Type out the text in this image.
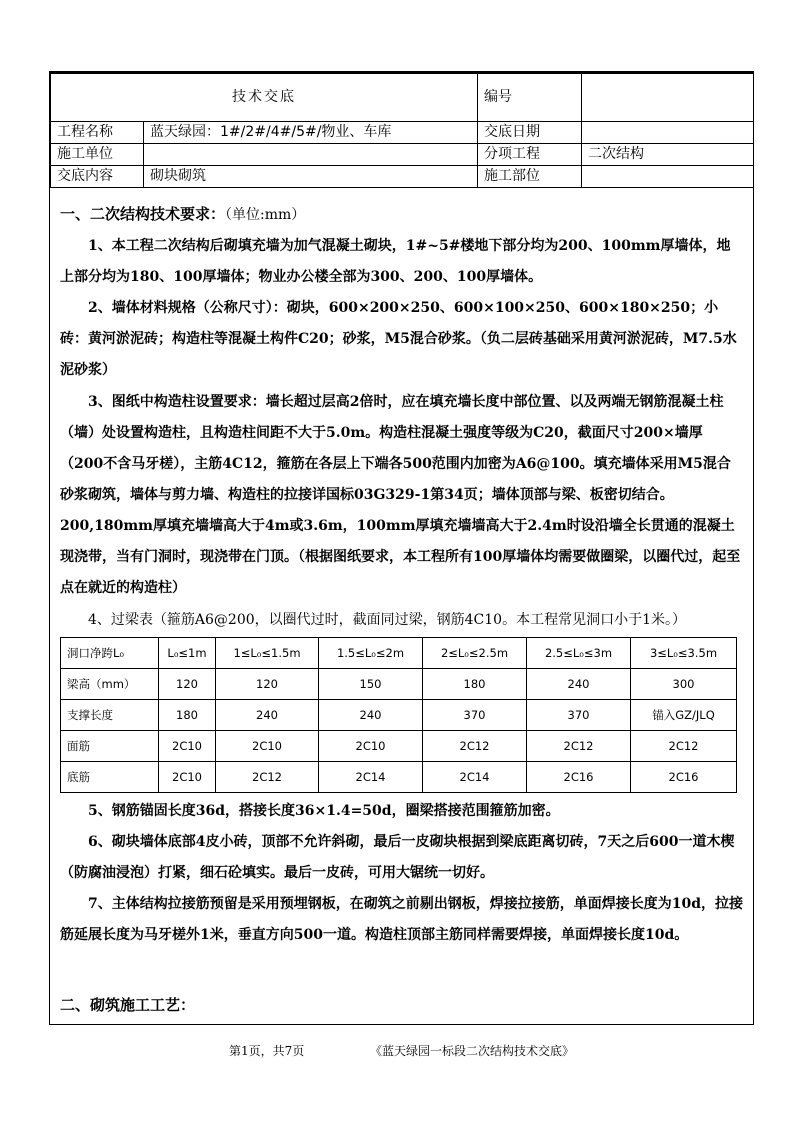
技术交底		编号	
工程名称	蓝天绿园：1#/2#/4#/5#/物业、车库	交底日期	
施工单位		分项工程	二次结构
交底内容	砌块砌筑	施工部位	
一、二次结构技术要求：（单位:mm）
1、本工程二次结构后砌填充墙为加气混凝土砌块，1#~5#楼地下部分均为200、100mm厚墙体，地上部分均为180、100厚墙体；物业办公楼全部为300、200、100厚墙体。
2、墙体材料规格（公称尺寸）：砌块，600×200×250、600×100×250、600×180×250；小砖：黄河淤泥砖；构造柱等混凝土构件C20；砂浆，M5混合砂浆。（负二层砖基础采用黄河淤泥砖，M7.5水泥砂浆）
3、图纸中构造柱设置要求：墙长超过层高2倍时，应在填充墙长度中部位置、以及两端无钢筋混凝土柱（墙）处设置构造柱，且构造柱间距不大于5.0m。构造柱混凝土强度等级为C20，截面尺寸200×墙厚（200不含马牙槎），主筋4C12，箍筋在各层上下端各500范围内加密为A6@100。填充墙体采用M5混合砂浆砌筑，墙体与剪力墙、构造柱的拉接详国标03G329-1第34页；墙体顶部与梁、板密切结合。200,180mm厚填充墙墙高大于4m或3.6m，100mm厚填充墙墙高大于2.4m时设沿墙全长贯通的混凝土现浇带，当有门洞时，现浇带在门顶。（根据图纸要求，本工程所有100厚墙体均需要做圈梁，以圈代过，起至点在就近的构造柱）
4、过梁表（箍筋A6@200，以圈代过时，截面同过梁，钢筋4C10。本工程常见洞口小于1米。）
洞口净跨L₀	L₀≤1m	1≤L₀≤1.5m	1.5≤L₀≤2m	2≤L₀≤2.5m	2.5≤L₀≤3m	3≤L₀≤3.5m
梁高（mm）	120	120	150	180	240	300
支撑长度	180	240	240	370	370	锚入GZ/JLQ
面筋	2C10	2C10	2C10	2C12	2C12	2C12
底筋	2C10	2C12	2C14	2C14	2C16	2C16
5、钢筋锚固长度36d，搭接长度36×1.4=50d，圈梁搭接范围箍筋加密。
6、砌块墙体底部4皮小砖，顶部不允许斜砌，最后一皮砌块根据到梁底距离切砖，7天之后600一道木楔（防腐油浸泡）打紧，细石砼填实。最后一皮砖，可用大锯统一切好。
7、主体结构拉接筋预留是采用预埋钢板，在砌筑之前剔出钢板，焊接拉接筋，单面焊接长度为10d，拉接筋延展长度为马牙槎外1米，垂直方向500一道。构造柱顶部主筋同样需要焊接，单面焊接长度10d。
二、砌筑施工工艺：
第1页，共7页	《蓝天绿园一标段二次结构技术交底》
